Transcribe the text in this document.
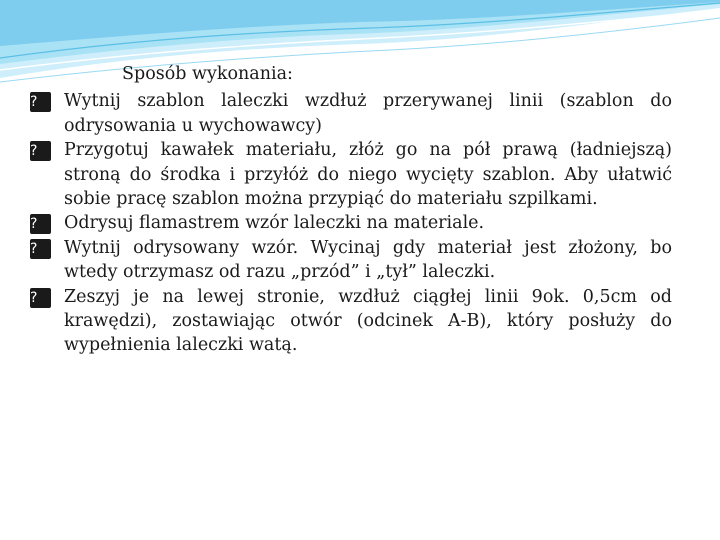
Sposób wykonania:

?	Wytnij szablon laleczki wzdłuż przerywanej linii (szablon do odrysowania u wychowawcy)

?	Przygotuj kawałek materiału, złóż go na pół prawą (ładniejszą) stroną do środka i przyłóż do niego wycięty szablon. Aby ułatwić sobie pracę szablon można przypiąć do materiału szpilkami.

?	Odrysuj flamastrem wzór laleczki na materiale.

?	Wytnij odrysowany wzór. Wycinaj gdy materiał jest złożony, bo wtedy otrzymasz od razu „przód” i „tył” laleczki.

?	Zeszyj je na lewej stronie, wzdłuż ciągłej linii 9ok. 0,5cm od krawędzi), zostawiając otwór (odcinek A-B), który posłuży do wypełnienia laleczki watą.
